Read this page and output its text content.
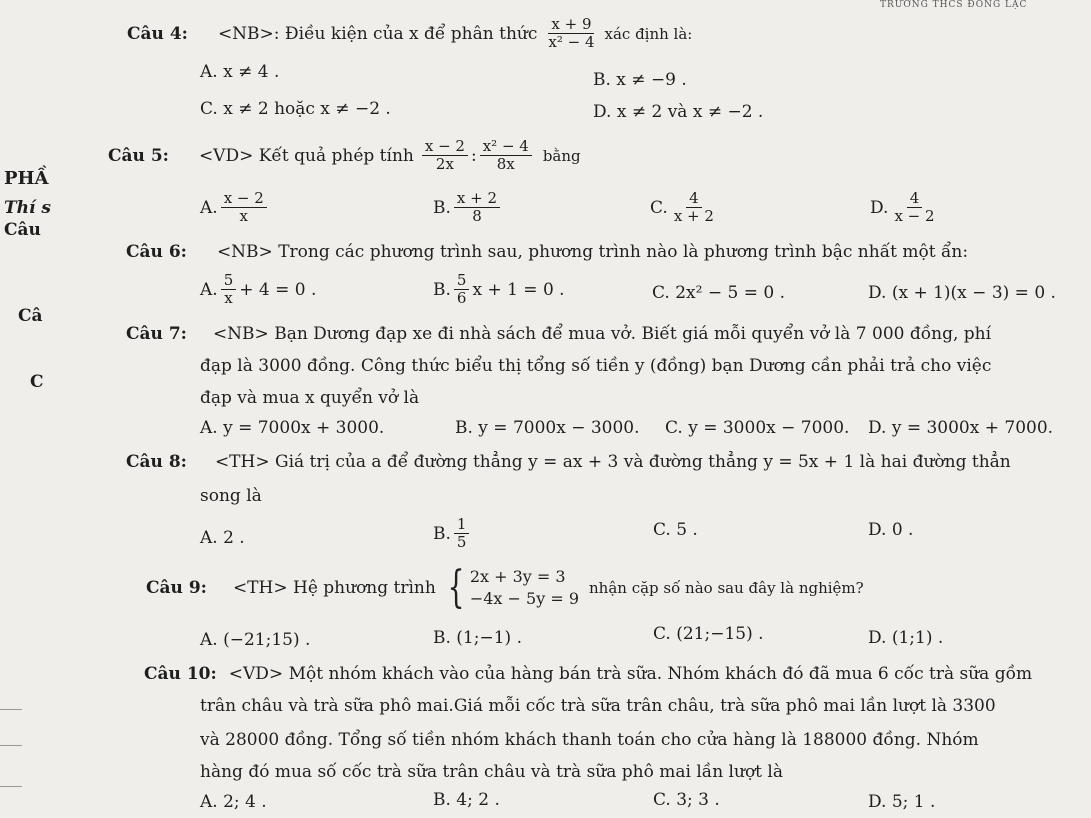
TRƯỜNG THCS ĐÔNG LẠC
PHẦ
Thí s
Câu
Câ
C
Câu 4: <NB> : Điều kiện của x để phân thức $\frac{x + 9}{\text{x² − 4}}$ xác định là:
A. x ≠ 4 .	B. x ≠ −9 .
C. x ≠ 2 hoặc x ≠ −2 .	D. x ≠ 2 và x ≠ −2 .
Câu 5: <VD> Kết quả phép tính $\frac{x - 2}{2x}$ : $\frac{\text{x² − 4}}{8x}$ bằng
A. $\frac{x - 2}{x}$	B. $\frac{x + 2}{8}$	C. $\frac{4}{x + 2}$	D. $\frac{4}{x - 2}$
Câu 6: <NB> Trong các phương trình sau, phương trình nào là phương trình bậc nhất một ẩn:
A. $\frac{5}{x} + 4 = 0$ .	B. $\frac{5}{6}$ x + 1 = 0 .	C. 2x² − 5 = 0 .	D. (x + 1)(x − 3) = 0 .
Câu 7: <NB> Bạn Dương đạp xe đi nhà sách để mua vở. Biết giá mỗi quyển vở là 7 000 đồng, phí
đạp là 3000 đồng. Công thức biểu thị tổng số tiền y (đồng) bạn Dương cần phải trả cho việc
đạp và mua x quyển vở là
A. y = 7000x + 3000.	B. y = 7000x − 3000. C. y = 3000x − 7000. D. y = 3000x + 7000.
Câu 8: <TH> Giá trị của a để đường thẳng y = ax + 3 và đường thẳng y = 5x + 1 là hai đường thẳn
song là
A. 2 .	B. $\frac{1}{5}$	C. 5 .	D. 0 .
Câu 9: <TH> Hệ phương trình { 2x + 3y = 3
−4x − 5y = 9
nhận cặp số nào sau đây là nghiệm?
A. (−21;15) .	B. (1;−1) .	C. (21;−15) .	D. (1;1) .
Câu 10: <VD> Một nhóm khách vào của hàng bán trà sữa. Nhóm khách đó đã mua 6 cốc trà sữa gồm
trân châu và trà sữa phô mai.Giá mỗi cốc trà sữa trân châu, trà sữa phô mai lần lượt là 3300
và 28000 đồng. Tổng số tiền nhóm khách thanh toán cho cửa hàng là 188000 đồng. Nhóm
hàng đó mua số cốc trà sữa trân châu và trà sữa phô mai lần lượt là
A. 2; 4 .	B. 4; 2 .	C. 3; 3 .	D. 5; 1 .
